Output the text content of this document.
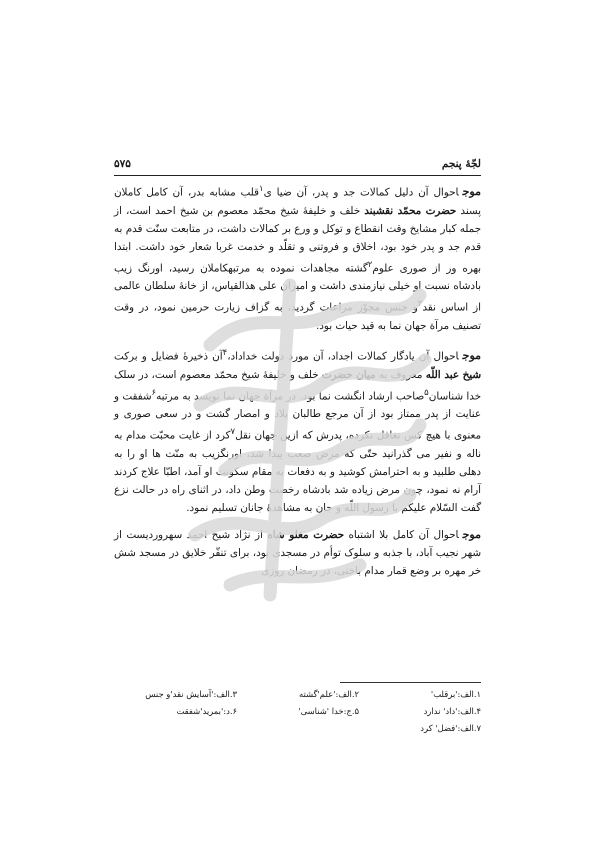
۵۷۵	لجّهٔ پنجم

موجاحوال آن دلیل کمالات جد و پدر، آن ضیا ی$^۱$قلب مشابه بدر، آن کامل کاملان پسند حضرت محمّد نقشبند خلف و خلیفهٔ شیخ محمّد معصوم بن شیخ احمد است، از جمله کبار مشایخ وقت انقطاع و توکل و ورع بر کمالات داشت، در متابعت سنّت قدم به قدم جد و پدر خود بود، اخلاق و فروتنی و تقلّد و خدمت غربا شعار خود داشت. ابتدا بهره ور از صوری علوم$^۲$گشته مجاهدات نموده به مرتبهکاملان رسید، اورنگ زیب بادشاه نسبت او خیلی نیازمندی داشت و امیران علی هذالقیاس، از خانهٔ سلطان عالمی از اساس نقد$^۳$و جنس مجوّز مراعات گردید، به گزاف زیارت حرمین نمود، در وقت تصنیف مرآة جهان نما به قید حیات بود.

موجاحوال آن یادگار کمالات اجداد، آن مورد دولت خداداد،$^۴$آن ذخیرهٔ فضایل و برکت شیخ عبد اللّه معروف به میان حضرت خلف و خلیفهٔ شیخ محمّد معصوم است، در سلک خدا شناسان$^۵$صاحب ارشاد انگشت نما بود. در مرآة جهان نما نویسد به مرتبه$^۶$شفقت و عنایت از پدر ممتاز بود از آن مرجع طالبان بلاد و امصار گشت و در سعی صوری و معنوی با هیچ کس تغافل نکرده، پدرش که ازین جهان نقل$^۷$کرد از غایت محبّت مدام به ناله و نفیر می گذرانید حتّی که مرض صعب پیدا شد، اورنگزیب به منّت ها او را به دهلی طلبید و به احترامش کوشید و به دفعات به مقام سکونت او آمد، اطبّا علاج کردند آرام نه نمود، چون مرض زیاده شد بادشاه رخصت وطن داد، در اثنای راه در حالت نزع گفت السّلام علیکم یا رسول اللّه و جان به مشاهدهٔ جانان تسلیم نمود.

موجاحوال آن کامل بلا اشتباه حضرت مغلو شاه از نژاد شیخ احمد سهروردیست از شهر نجیب آباد، با جذبه و سلوک توأم در مسجدی بود، برای تنفّر خلایق در مسجد شش خر مهره بر وضع قمار مدام باختی، در رمضان روزی

۱.الف:'برقلب'
۲.الف:'علم'گشته
۳.الف:'آسایش نقد'و جنس
۴.الف:'داد' ندارد
۵.ج:خدا 'شناسی'
۶.د:'بمرید'شفقت
۷.الف:'فضل' کرد
